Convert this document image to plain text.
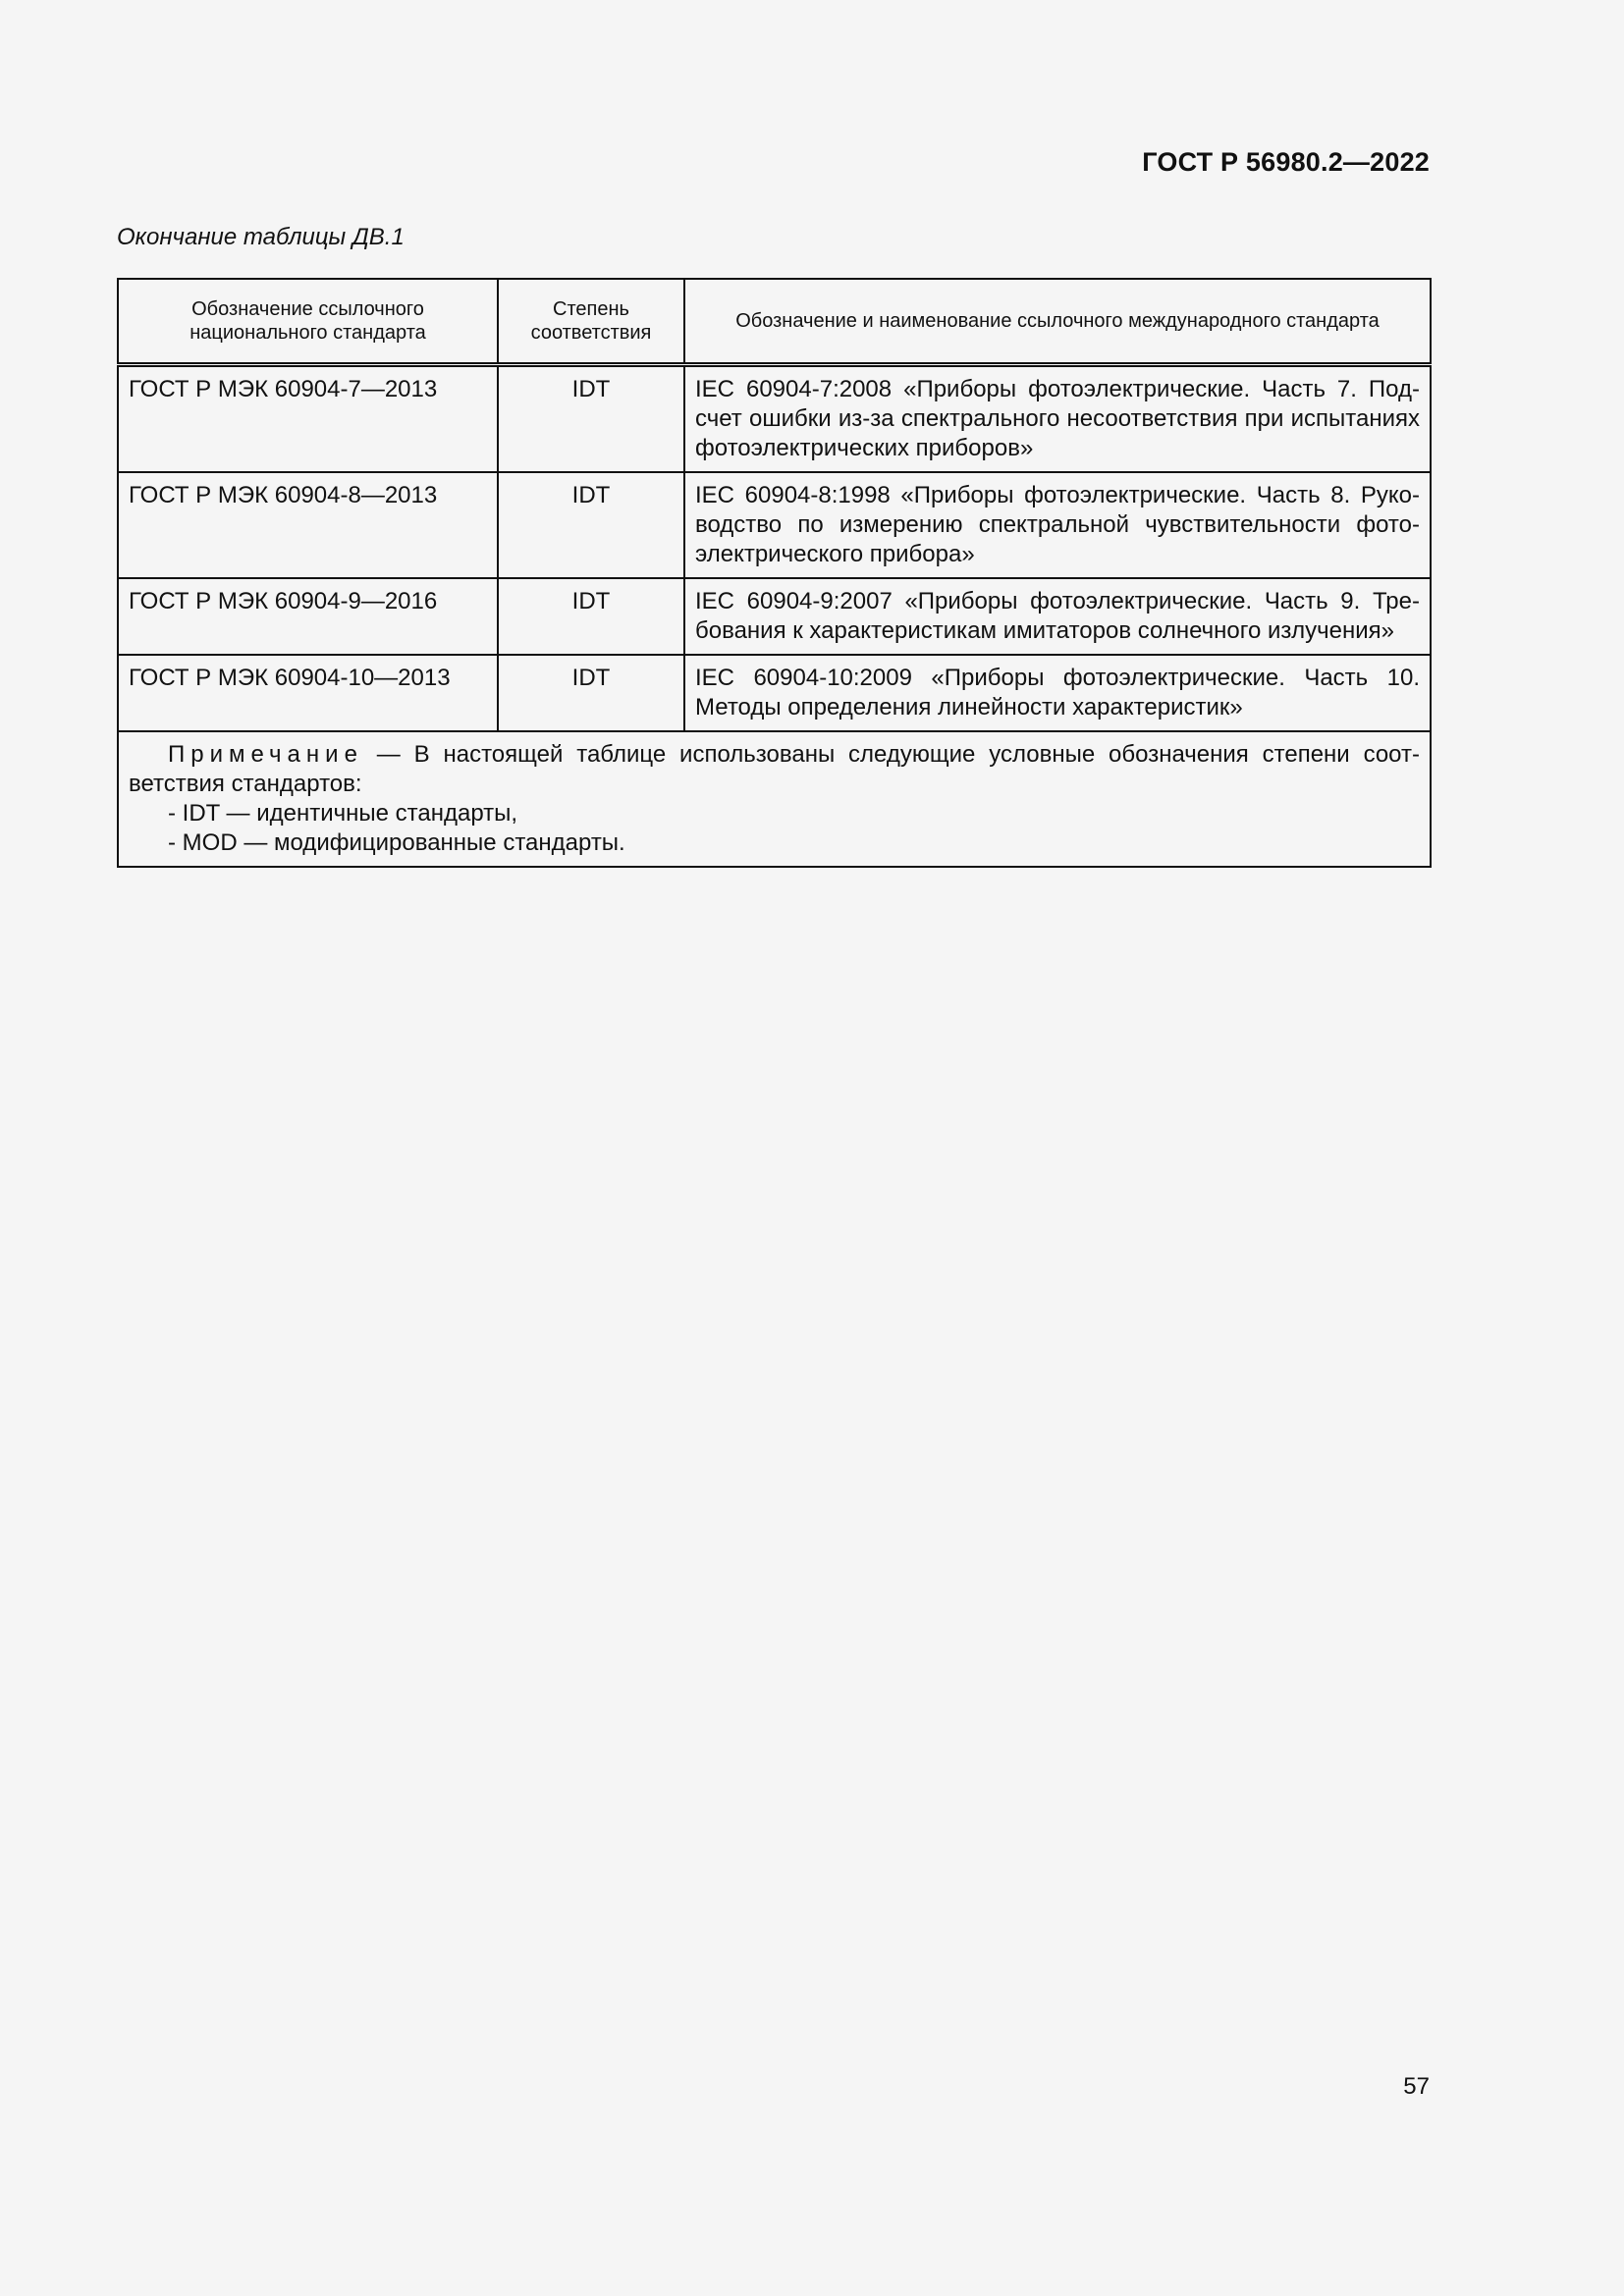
ГОСТ Р 56980.2—2022
Окончание таблицы ДВ.1
Обозначение ссылочного национального стандарта	Степень соответствия	Обозначение и наименование ссылочного международного стандарта
ГОСТ Р МЭК 60904-7—2013	IDT	IEC 60904-7:2008 «Приборы фотоэлектрические. Часть 7. Подсчет ошибки из-за спектрального несоответствия при испытаниях фотоэлектрических приборов»
ГОСТ Р МЭК 60904-8—2013	IDT	IEC 60904-8:1998 «Приборы фотоэлектрические. Часть 8. Руководство по измерению спектральной чувствительности фотоэлектрического прибора»
ГОСТ Р МЭК 60904-9—2016	IDT	IEC 60904-9:2007 «Приборы фотоэлектрические. Часть 9. Требования к характеристикам имитаторов солнечного излучения»
ГОСТ Р МЭК 60904-10—2013	IDT	IEC 60904-10:2009 «Приборы фотоэлектрические. Часть 10. Методы определения линейности характеристик»

Примечание — В настоящей таблице использованы следующие условные обозначения степени соответствия стандартов:
- IDT — идентичные стандарты,
- MOD — модифицированные стандарты.		
57
